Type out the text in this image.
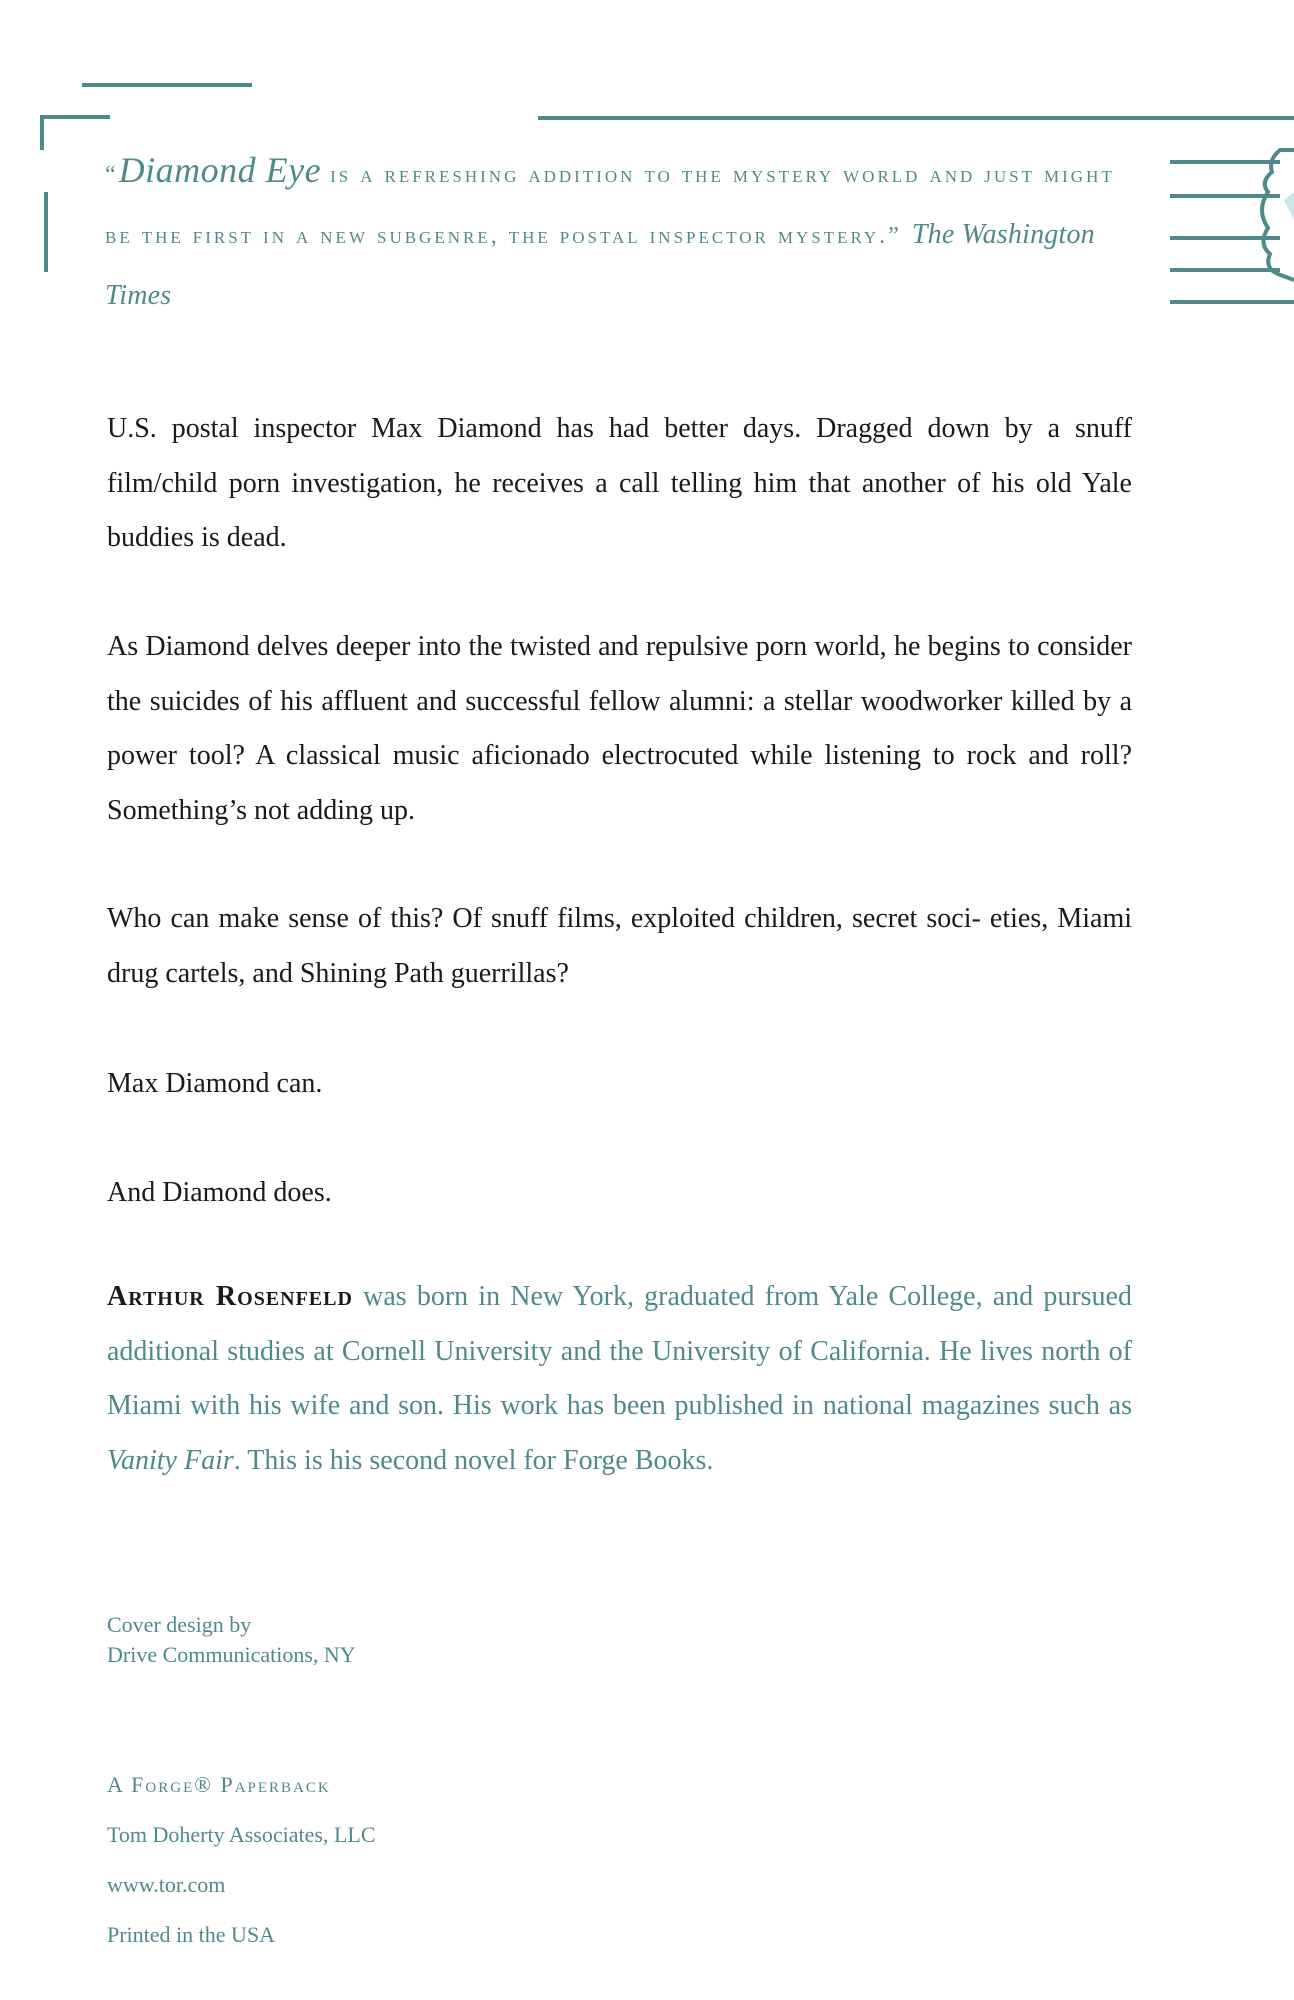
“Diamond Eye is a refreshing addition to the mystery world and just might be the first in a new subgenre, the postal inspector mystery.” The Washington Times

U.S. postal inspector Max Diamond has had better days. Dragged down by a snuff film/child porn investigation, he receives a call telling him that another of his old Yale buddies is dead.

As Diamond delves deeper into the twisted and repulsive porn world, he begins to consider the suicides of his affluent and successful fellow alumni: a stellar woodworker killed by a power tool? A classical music aficionado electrocuted while listening to rock and roll? Something’s not adding up.

Who can make sense of this? Of snuff films, exploited children, secret soci- eties, Miami drug cartels, and Shining Path guerrillas?

Max Diamond can.

And Diamond does.

Arthur Rosenfeld was born in New York, graduated from Yale College, and pursued additional studies at Cornell University and the University of California. He lives north of Miami with his wife and son. His work has been published in national magazines such as Vanity Fair. This is his second novel for Forge Books.

Cover design by

Drive Communications, NY

A Forge® Paperback

Tom Doherty Associates, LLC

www.tor.com

Printed in the USA
